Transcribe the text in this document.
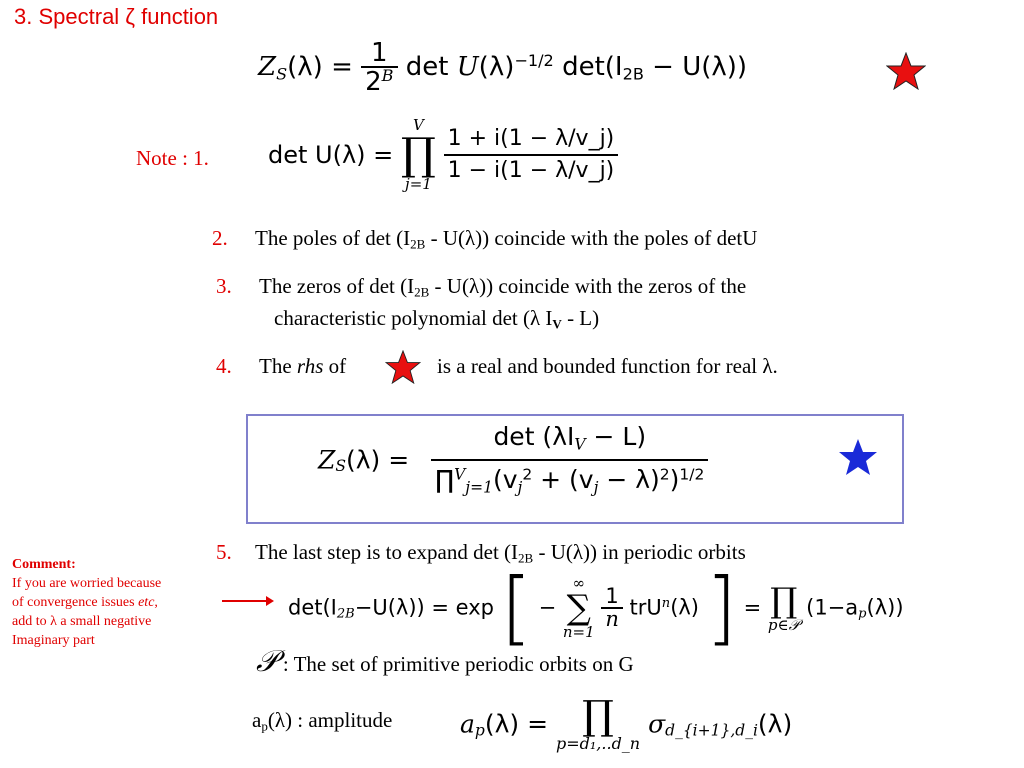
3. Spectral ζ function
$Z_S(\lambda) = \frac{1}{2^B}$ $\det U(\lambda)^{-1/2}$ $\det(I_{2B} - U(\lambda))$
Note : 1. det U(λ) =
V
∏
j=1

$\frac{1 + i(1 - \lambda/v\_j)}{1 - i(1 - \lambda/v\_j)}$
2. The poles of $\det (I_{2B} - U(\lambda))$ coincide with the poles of detU
3. The zeros of $\det (I_{2B} - U(\lambda))$ coincide with the zeros of the
characteristic polynomial det (λ $I_V - L$)
4. The rhs of	is a real and bounded function for real λ.
$Z_S(\lambda) = \frac{\det (\lambda I_V - L)}{\prod^V_{j=1}(v_j^2 + (v_j - \lambda)^2)^{1/2}}$
5. The last step is to expand $\det (I_{2B} - U(\lambda))$ in periodic orbits
Comment:
If you are worried because
of convergence issues etc,
add to λ a small negative
Imaginary part
$\det(I_{2B}-U(\lambda)) = \exp$ [ −
∞
∑
n=1

$\frac{1}{n} trU^n(\lambda)$ ] = ∏
p∈𝒫
$(1-a_p(\lambda))$
𝒫 : The set of primitive periodic orbits on G
$a_p(\lambda)$ : amplitude	$a_p(\lambda)$ = ∏
p=d₁,..d_n
$\sigma_{d\_\{i+1\},d\_i}(\lambda)$
